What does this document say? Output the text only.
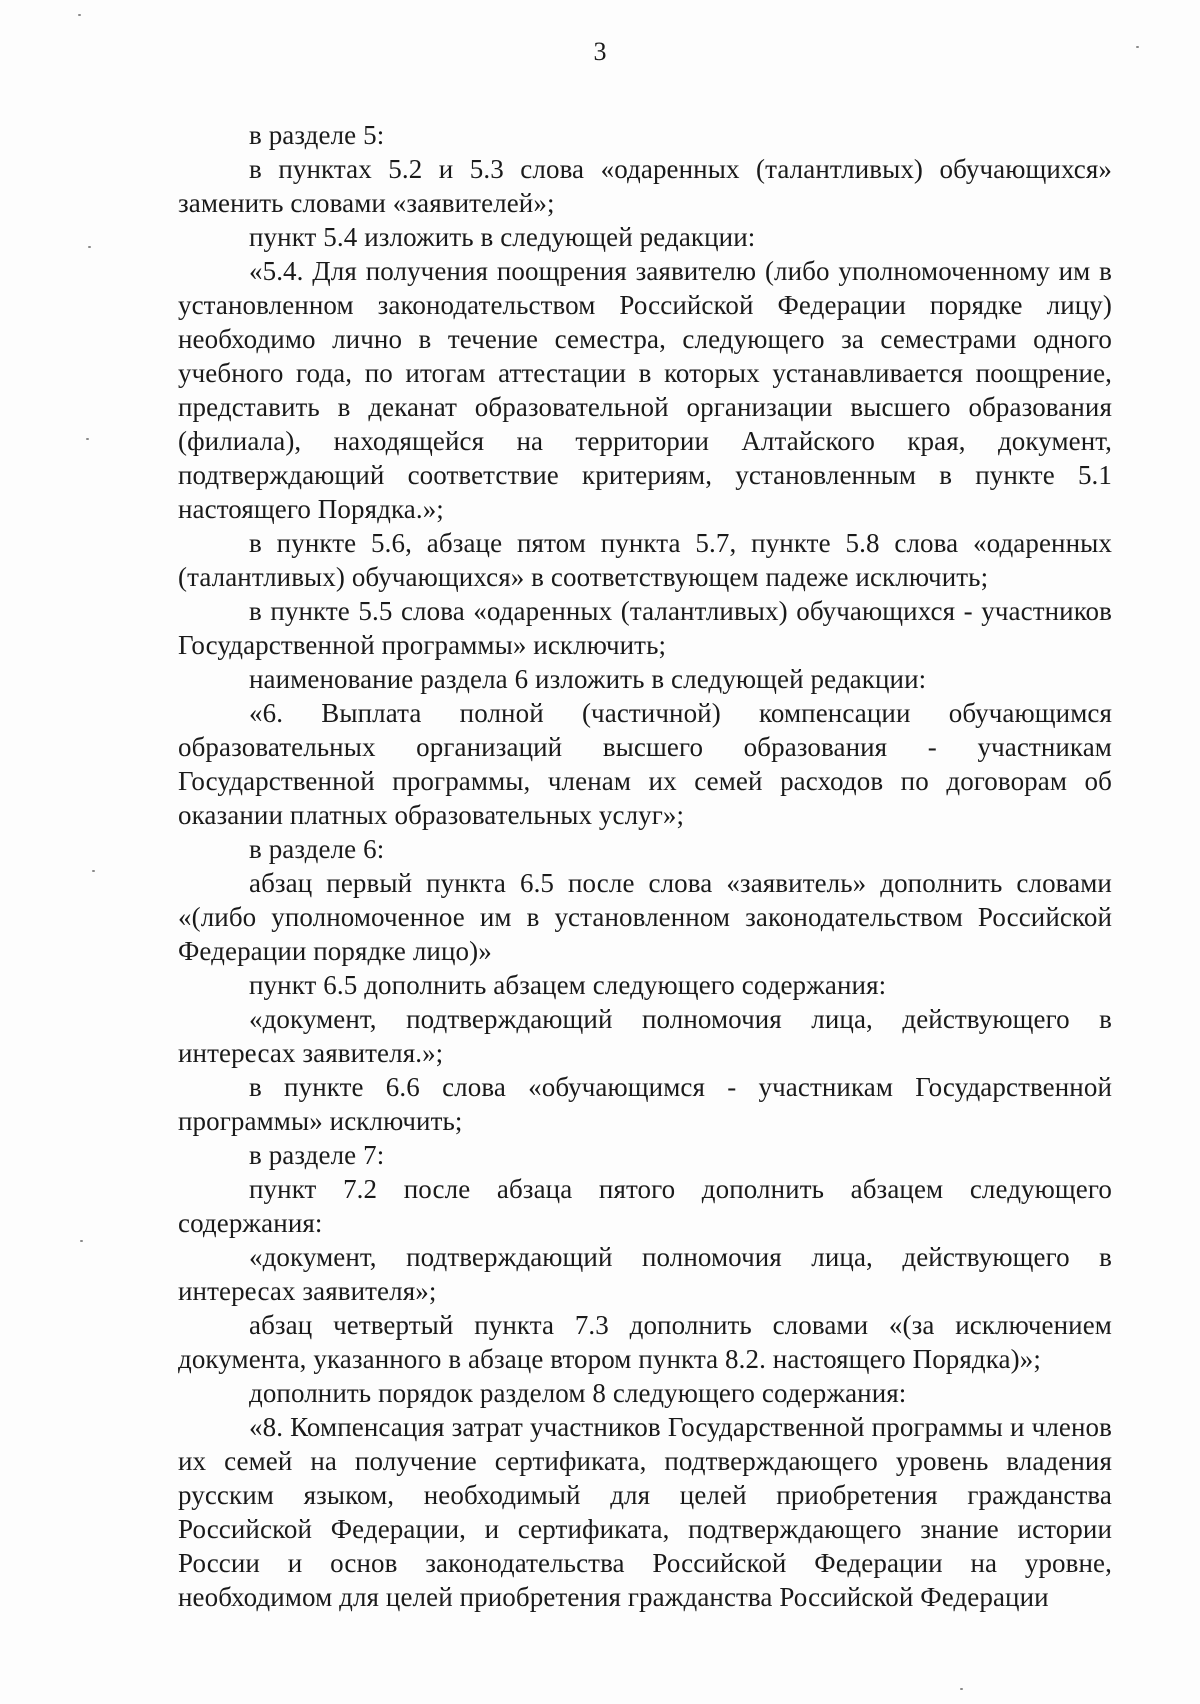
3

в разделе 5:

в пунктах 5.2 и 5.3 слова «одаренных (талантливых) обучающихся» заменить словами «заявителей»;

пункт 5.4 изложить в следующей редакции:

«5.4. Для получения поощрения заявителю (либо уполномоченному им в установленном законодательством Российской Федерации порядке лицу) необходимо лично в течение семестра, следующего за семестрами одного учебного года, по итогам аттестации в которых устанавливается поощрение, представить в деканат образовательной организации высшего образования (филиала), находящейся на территории Алтайского края, документ, подтверждающий соответствие критериям, установленным в пункте 5.1 настоящего Порядка.»;

в пункте 5.6, абзаце пятом пункта 5.7, пункте 5.8 слова «одаренных (талантливых) обучающихся» в соответствующем падеже исключить;

в пункте 5.5 слова «одаренных (талантливых) обучающихся - участников Государственной программы» исключить;

наименование раздела 6 изложить в следующей редакции:

«6. Выплата полной (частичной) компенсации обучающимся образовательных организаций высшего образования - участникам Государственной программы, членам их семей расходов по договорам об оказании платных образовательных услуг»;

в разделе 6:

абзац первый пункта 6.5 после слова «заявитель» дополнить словами «(либо уполномоченное им в установленном законодательством Российской Федерации порядке лицо)»

пункт 6.5 дополнить абзацем следующего содержания:

«документ, подтверждающий полномочия лица, действующего в интересах заявителя.»;

в пункте 6.6 слова «обучающимся - участникам Государственной программы» исключить;

в разделе 7:

пункт 7.2 после абзаца пятого дополнить абзацем следующего содержания:

«документ, подтверждающий полномочия лица, действующего в интересах заявителя»;

абзац четвертый пункта 7.3 дополнить словами «(за исключением документа, указанного в абзаце втором пункта 8.2. настоящего Порядка)»;

дополнить порядок разделом 8 следующего содержания:

«8. Компенсация затрат участников Государственной программы и членов их семей на получение сертификата, подтверждающего уровень владения русским языком, необходимый для целей приобретения гражданства Российской Федерации, и сертификата, подтверждающего знание истории России и основ законодательства Российской Федерации на уровне, необходимом для целей приобретения гражданства Российской Федерации
